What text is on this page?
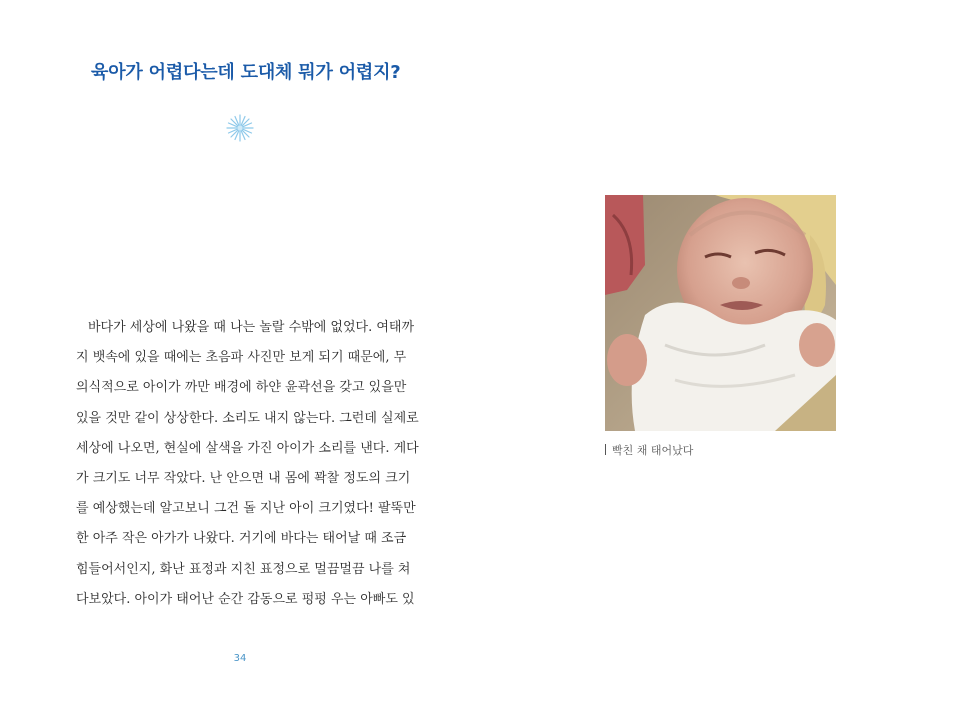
육아가 어렵다는데 도대체 뭐가 어렵지?
바다가 세상에 나왔을 때 나는 놀랄 수밖에 없었다. 여태까
지 뱃속에 있을 때에는 초음파 사진만 보게 되기 때문에, 무
의식적으로 아이가 까만 배경에 하얀 윤곽선을 갖고 있을만
있을 것만 같이 상상한다. 소리도 내지 않는다. 그런데 실제로
세상에 나오면, 현실에 살색을 가진 아이가 소리를 낸다. 게다
가 크기도 너무 작았다. 난 안으면 내 몸에 꽉찰 정도의 크기
를 예상했는데 알고보니 그건 돌 지난 아이 크기였다! 팔뚝만
한 아주 작은 아가가 나왔다. 거기에 바다는 태어날 때 조금
힘들어서인지, 화난 표정과 지친 표정으로 멀끔멀끔 나를 쳐
다보았다. 아이가 태어난 순간 감동으로 펑펑 우는 아빠도 있
34

빡친 채 태어났다
